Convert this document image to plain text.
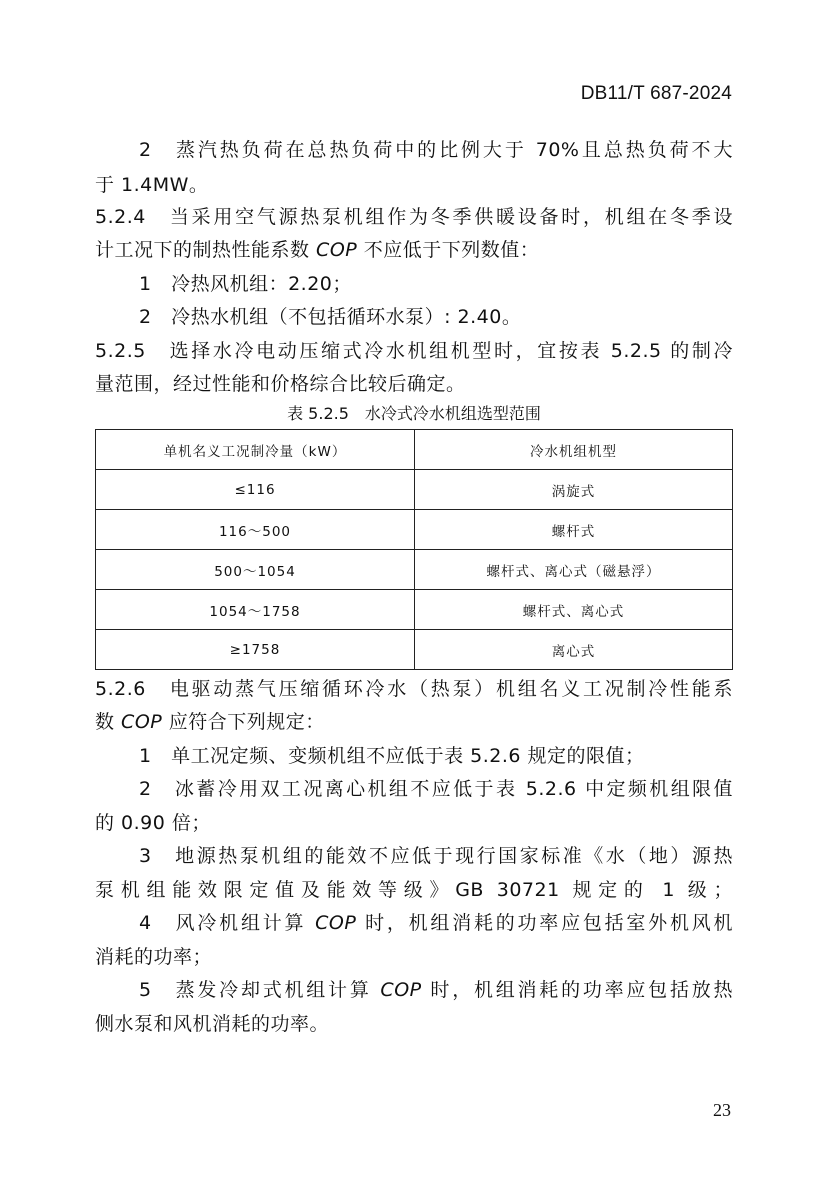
DB11/T 687-2024
2　蒸汽热负荷在总热负荷中的比例大于 70%且总热负荷不大
于 1.4MW。
5.2.4　当采用空气源热泵机组作为冬季供暖设备时，机组在冬季设
计工况下的制热性能系数 COP 不应低于下列数值：
1　冷热风机组：2.20；
2　冷热水机组（不包括循环水泵）: 2.40。
5.2.5　选择水冷电动压缩式冷水机组机型时，宜按表 5.2.5 的制冷
量范围，经过性能和价格综合比较后确定。
表 5.2.5　水冷式冷水机组选型范围
单机名义工况制冷量（kW）	冷水机组机型
≤116	涡旋式
116～500	螺杆式
500～1054	螺杆式、离心式（磁悬浮）
1054～1758	螺杆式、离心式
≥1758	离心式
5.2.6　电驱动蒸气压缩循环冷水（热泵）机组名义工况制冷性能系
数 COP 应符合下列规定：
1　单工况定频、变频机组不应低于表 5.2.6 规定的限值；
2　冰蓄冷用双工况离心机组不应低于表 5.2.6 中定频机组限值
的 0.90 倍；
3　地源热泵机组的能效不应低于现行国家标准《水（地）源热
泵机组能效限定值及能效等级》GB 30721 规定的 1 级；
4　风冷机组计算 COP 时，机组消耗的功率应包括室外机风机
消耗的功率；
5　蒸发冷却式机组计算 COP 时，机组消耗的功率应包括放热
侧水泵和风机消耗的功率。
23
